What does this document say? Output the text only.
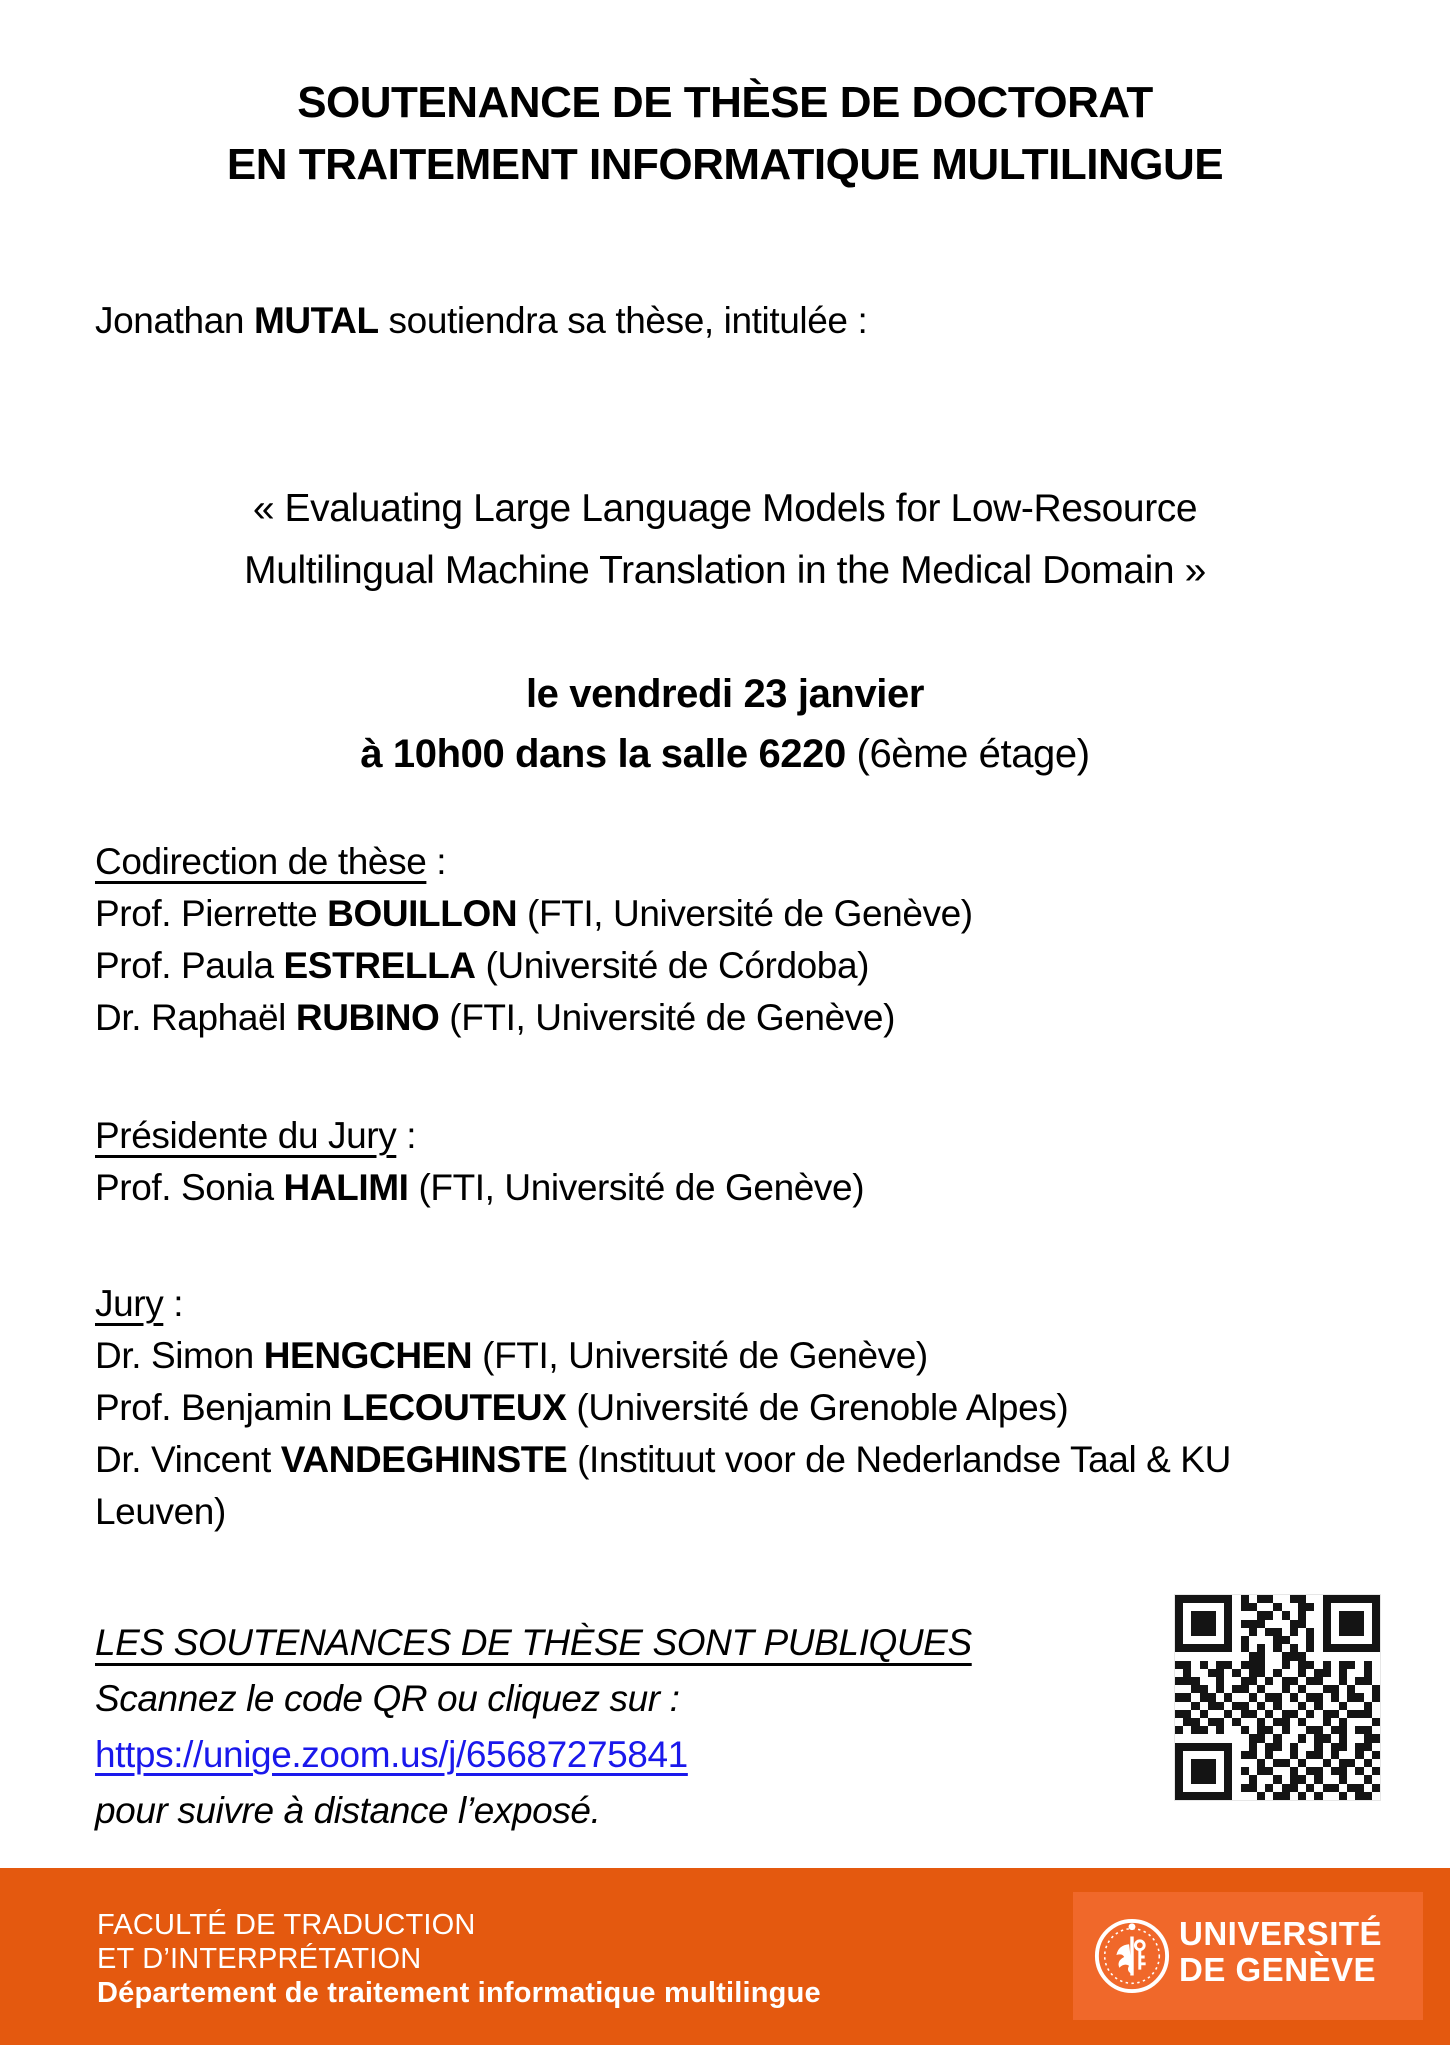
SOUTENANCE DE THÈSE DE DOCTORAT
EN TRAITEMENT INFORMATIQUE MULTILINGUE
Jonathan MUTAL soutiendra sa thèse, intitulée :
« Evaluating Large Language Models for Low-Resource
Multilingual Machine Translation in the Medical Domain »
le vendredi 23 janvier
à 10h00 dans la salle 6220 (6ème étage)
Codirection de thèse :
Prof. Pierrette BOUILLON (FTI, Université de Genève)
Prof. Paula ESTRELLA (Université de Córdoba)
Dr. Raphaël RUBINO (FTI, Université de Genève)
Présidente du Jury :
Prof. Sonia HALIMI (FTI, Université de Genève)
Jury :
Dr. Simon HENGCHEN (FTI, Université de Genève)
Prof. Benjamin LECOUTEUX (Université de Grenoble Alpes)
Dr. Vincent VANDEGHINSTE (Instituut voor de Nederlandse Taal & KU Leuven)
LES SOUTENANCES DE THÈSE SONT PUBLIQUES
Scannez le code QR ou cliquez sur :
https://unige.zoom.us/j/65687275841
pour suivre à distance l’exposé.
FACULTÉ DE TRADUCTION
ET D’INTERPRÉTATION
Département de traitement informatique multilingue
UNIVERSITÉ
DE GENÈVE
